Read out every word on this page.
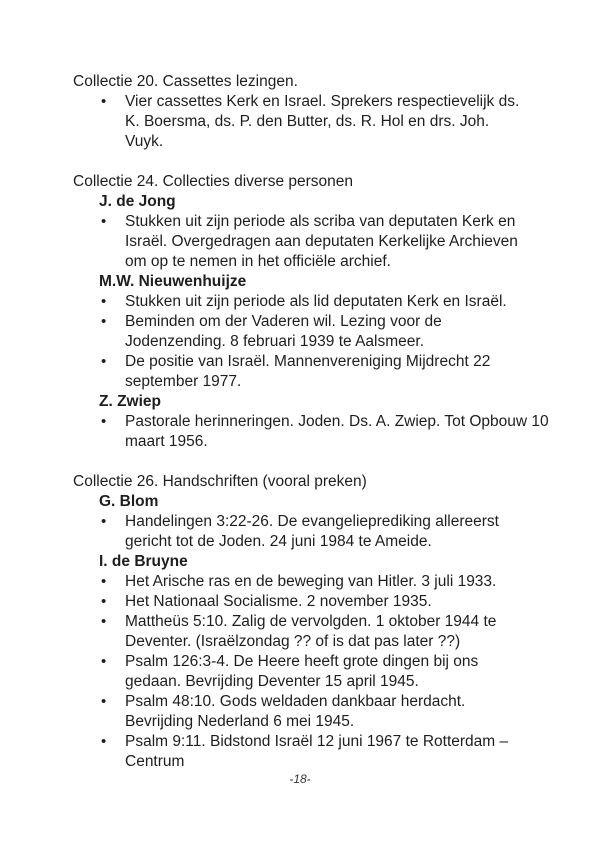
Collectie 20. Cassettes lezingen.

• Vier cassettes Kerk en Israel. Sprekers respectievelijk ds. K. Boersma, ds. P. den Butter, ds. R. Hol en drs. Joh. Vuyk.

Collectie 24. Collecties diverse personen

J. de Jong

• Stukken uit zijn periode als scriba van deputaten Kerk en Israël. Overgedragen aan deputaten Kerkelijke Archieven om op te nemen in het officiële archief.

M.W. Nieuwenhuijze

• Stukken uit zijn periode als lid deputaten Kerk en Israël.
• Beminden om der Vaderen wil. Lezing voor de Jodenzending. 8 februari 1939 te Aalsmeer.
• De positie van Israël. Mannenvereniging Mijdrecht 22 september 1977.

Z. Zwiep

• Pastorale herinneringen. Joden. Ds. A. Zwiep. Tot Opbouw 10 maart 1956.

Collectie 26. Handschriften (vooral preken)

G. Blom

• Handelingen 3:22-26. De evangelieprediking allereerst gericht tot de Joden. 24 juni 1984 te Ameide.

I. de Bruyne

• Het Arische ras en de beweging van Hitler. 3 juli 1933.
• Het Nationaal Socialisme. 2 november 1935.
• Mattheüs 5:10. Zalig de vervolgden. 1 oktober 1944 te Deventer. (Israëlzondag ?? of is dat pas later ??)
• Psalm 126:3-4. De Heere heeft grote dingen bij ons gedaan. Bevrijding Deventer 15 april 1945.
• Psalm 48:10. Gods weldaden dankbaar herdacht. Bevrijding Nederland 6 mei 1945.
• Psalm 9:11. Bidstond Israël 12 juni 1967 te Rotterdam – Centrum
-18-
